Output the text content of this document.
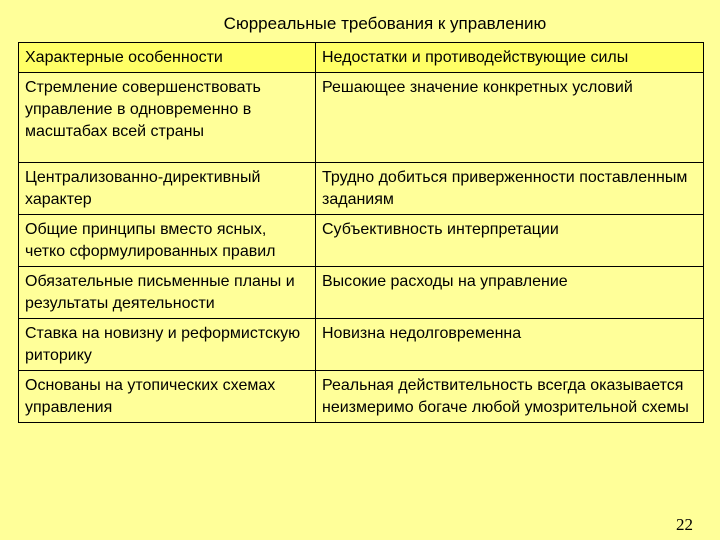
Сюрреальные требования к управлению
Характерные особенности	Недостатки и противодействующие силы
Стремление совершенствовать управление в одновременно в масштабах всей страны	Решающее значение конкретных условий
Централизованно-директивный характер	Трудно добиться приверженности поставленным заданиям
Общие принципы вместо ясных, четко сформулированных правил	Субъективность интерпретации
Обязательные письменные планы и результаты деятельности	Высокие расходы на управление
Ставка на новизну и реформистскую риторику	Новизна недолговременна
Основаны на утопических схемах управления	Реальная действительность всегда оказывается неизмеримо богаче любой умозрительной схемы
22
